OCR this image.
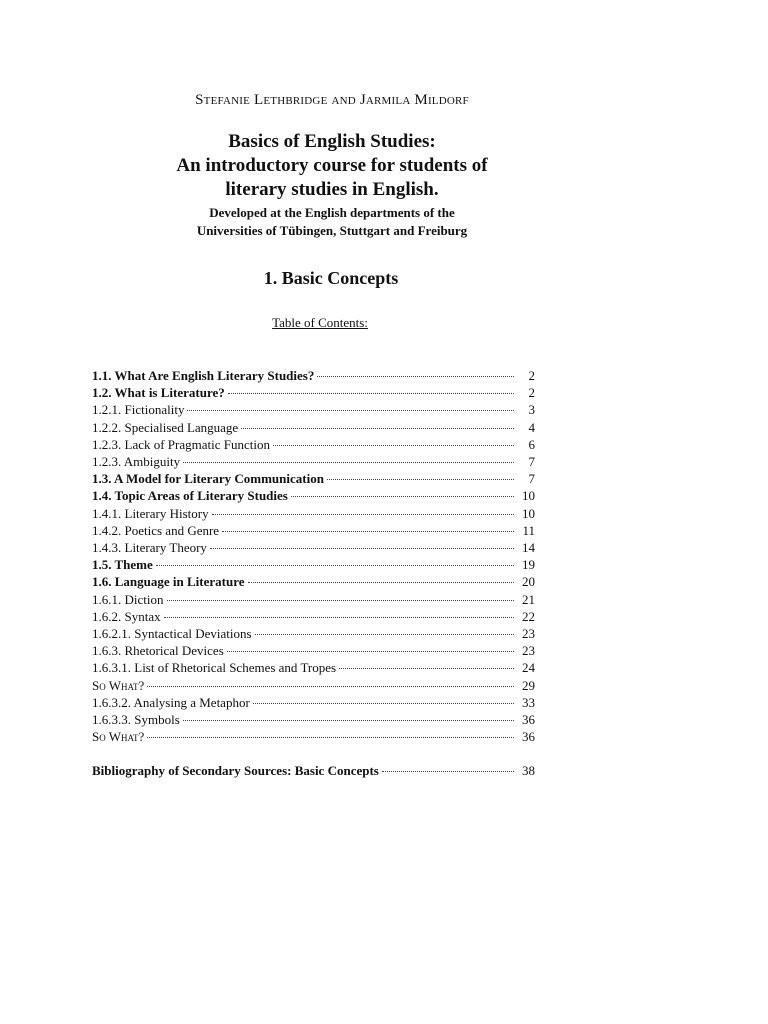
Stefanie Lethbridge and Jarmila Mildorf
Basics of English Studies:
An introductory course for students of
literary studies in English.
Developed at the English departments of the
Universities of Tübingen, Stuttgart and Freiburg
1. Basic Concepts
Table of Contents:
1.1. What Are English Literary Studies?	2
1.2. What is Literature?	2
1.2.1. Fictionality	3
1.2.2. Specialised Language	4
1.2.3. Lack of Pragmatic Function	6
1.2.3. Ambiguity	7
1.3. A Model for Literary Communication	7
1.4. Topic Areas of Literary Studies	10
1.4.1. Literary History	10
1.4.2. Poetics and Genre	11
1.4.3. Literary Theory	14
1.5. Theme	19
1.6. Language in Literature	20
1.6.1. Diction	21
1.6.2. Syntax	22
1.6.2.1. Syntactical Deviations	23
1.6.3. Rhetorical Devices	23
1.6.3.1. List of Rhetorical Schemes and Tropes	24
So What?	29
1.6.3.2. Analysing a Metaphor	33
1.6.3.3. Symbols	36
So What?	36
Bibliography of Secondary Sources: Basic Concepts	38
